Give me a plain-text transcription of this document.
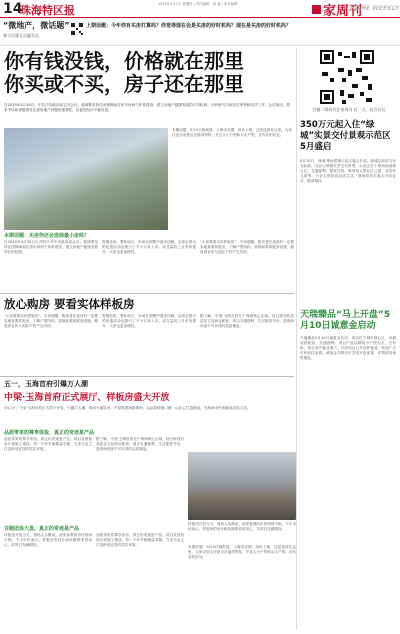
14
珠海特区报	2015年5月7日 星期四 | 责任编辑：黄 欢 | 美术编辑：	家周刊
HOME WEEKLY
“微地产，微话题”
参与话题互动赢奖品
上期话题：今年你有买房打算吗？你觉得现在会是买房的好时机吗？现在是买房的好时机吗？
你有钱没钱，价格就在那里
你买或不买，房子还在那里
在2015年4月30日，中共中央政治局召开会议，强调要坚持住房保障和住房市场两个体系建设、建立房地产健康发展的长效机制。分析研究当前经济形势和经济工作，会议指出，要求中央和省级领导注意房地产问题的重要性，以促进经济平稳发展。
本期话题：5月4日晚报道，上海市近期，房价上涨，还是选择在这里，大家讨论买房是否还值得等待，并且买小户型和买大户型，各有各的好处。
本期话题：买房你还会选择最小房吗？
在2015年4月30日召开的中共中央政治局会议，强调要坚持住房保障和住房市场两个体系建设，建立房地产健康发展的长效机制。
售楼处称，整体而言，市场在调整中逐步回暖，各房企推出的优惠活动也吸引了不少买家入市。成交量较上月有所提升，买家也更加理性。
“买房要看实体样板房”，专家提醒，购房者在选房时一定要实地查看样板房，了解户型结构、装修标准和配套设施，避免因宣传与实际不符产生纠纷。
放心购房 要看实体样板房
“买房要看实体样板房”，专家提醒，购房者在选房时一定要实地查看样板房，了解户型结构、装修标准和配套设施，避免因宣传与实际不符产生纠纷。
售楼处称，整体而言，市场在调整中逐步回暖，各房企推出的优惠活动也吸引了不少买家入市。成交量较上月有所提升，买家也更加理性。
据了解，中梁·玉海首府位于珠海核心区域，项目规划有高层住宅及商业配套，周边交通便利，生活配套齐全，是珠海西部不可多得的品质楼盘。
五一，玉海首府引爆万人潮
中梁·玉海首府正式展厅、样板房盛大开放
5月1日，中梁·玉海首府正式展厅开放，引爆万人潮，现场火爆异常。中梁集团深耕珠海，以品质铸就口碑，以匠心打造精品，为珠海市民奉献高品质人居。
品质带来的尊享体验，真正的奇迹是产品
品质带来的尊享体验，真正的奇迹是产品。项目从规划设计到施工建设，每一个环节都精益求精，力求为业主打造舒适宜居的居住环境。
据了解，中梁·玉海首府位于珠海核心区域，项目规划有高层住宅及商业配套，周边交通便利，生活配套齐全，是珠海西部不可多得的品质楼盘。
样板房开放当天，现场人头攒动，前来参观的市民络绎不绝。不少市民表示，样板房的设计和装修都非常用心，对项目充满期待。
百跑团体大盘，真正的奇迹是产品
样板房开放当天，现场人头攒动，前来参观的市民络绎不绝。不少市民表示，样板房的设计和装修都非常用心，对项目充满期待。
品质带来的尊享体验，真正的奇迹是产品。项目从规划设计到施工建设，每一个环节都精益求精，力求为业主打造舒适宜居的居住环境。	本期话题：5月4日晚报道，上海市近期，房价上涨，还是选择在这里，大家讨论买房是否还值得等待，并且买小户型和买大户型，各有各的好处。
扫描二维码关注家周刊 轻一点，轻点后后
350万元起入住“绿城”实景交付景观示范区5月盛启
5月10日，绿城·珠海景观示范区盛大开放。绿城以品质交付为标准，以匠心铸就实景交付景观。示范区位于珠海西部核心区，交通便利，配套完善，规划有大型社区公园、双语幼儿园等，为业主提供高品质生活。现场将举办盛大开放仪式，敬请期待。
天瑞臻品“马上开盘”5月10日诚意金启动
天瑞臻品5月10日诚意金启动，项目位于城市核心区，坐拥成熟配套，交通便利。项目产品以精装小户型为主，总价低，适合首次置业客户。目前项目已开放样板间，欢迎广大市民前往参观。诚意金交纳后可享受开盘优惠，详情请咨询售楼处。
